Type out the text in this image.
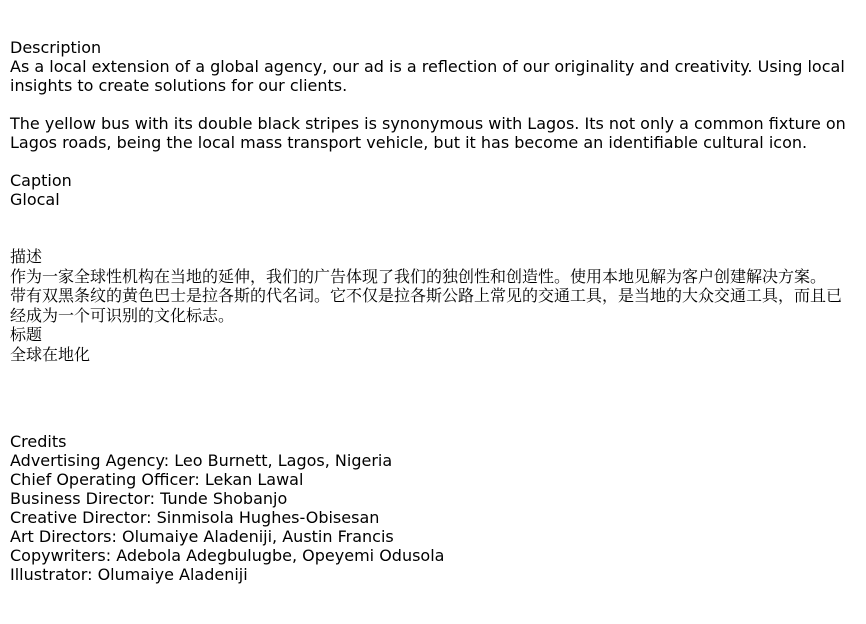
Description
As a local extension of a global agency, our ad is a reflection of our originality and creativity. Using local insights to create solutions for our clients.
The yellow bus with its double black stripes is synonymous with Lagos. Its not only a common fixture on Lagos roads, being the local mass transport vehicle, but it has become an identifiable cultural icon.
Caption
Glocal
描述
作为一家全球性机构在当地的延伸，我们的广告体现了我们的独创性和创造性。使用本地见解为客户创建解决方案。
带有双黑条纹的黄色巴士是拉各斯的代名词。它不仅是拉各斯公路上常见的交通工具，是当地的大众交通工具，而且已经成为一个可识别的文化标志。
标题
全球在地化
Credits
Advertising Agency: Leo Burnett, Lagos, Nigeria
Chief Operating Officer: Lekan Lawal
Business Director: Tunde Shobanjo
Creative Director: Sinmisola Hughes-Obisesan
Art Directors: Olumaiye Aladeniji, Austin Francis
Copywriters: Adebola Adegbulugbe, Opeyemi Odusola
Illustrator: Olumaiye Aladeniji
